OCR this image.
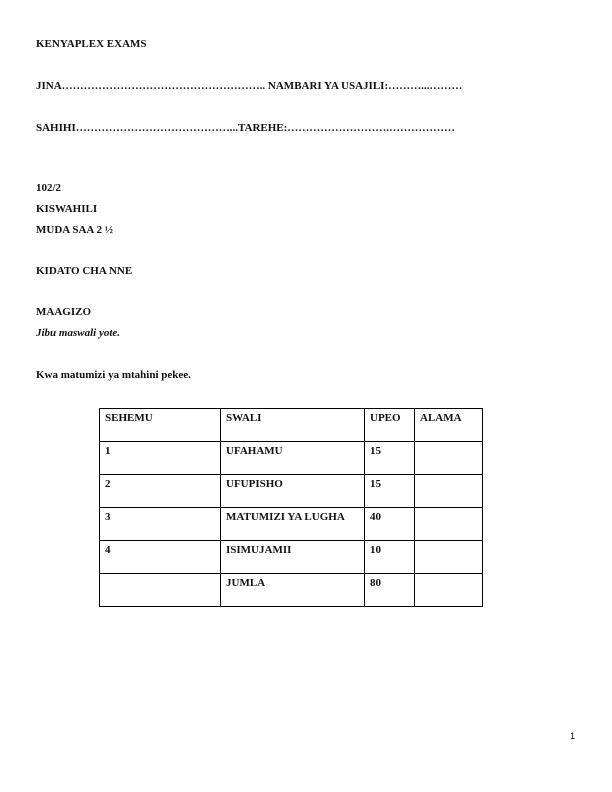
KENYAPLEX EXAMS
JINA……………………………………………….. NAMBARI YA USAJILI:………...………
SAHIHI……………………………………...TAREHE:……………………….………………
102/2
KISWAHILI
MUDA SAA 2 ½
KIDATO CHA NNE
MAAGIZO
Jibu maswali yote.
Kwa matumizi ya mtahini pekee.
SEHEMU	SWALI	UPEO	ALAMA
1	UFAHAMU	15	
2	UFUPISHO	15	
3	MATUMIZI YA LUGHA	40	
4	ISIMUJAMII	10	
	JUMLA	80	
1
